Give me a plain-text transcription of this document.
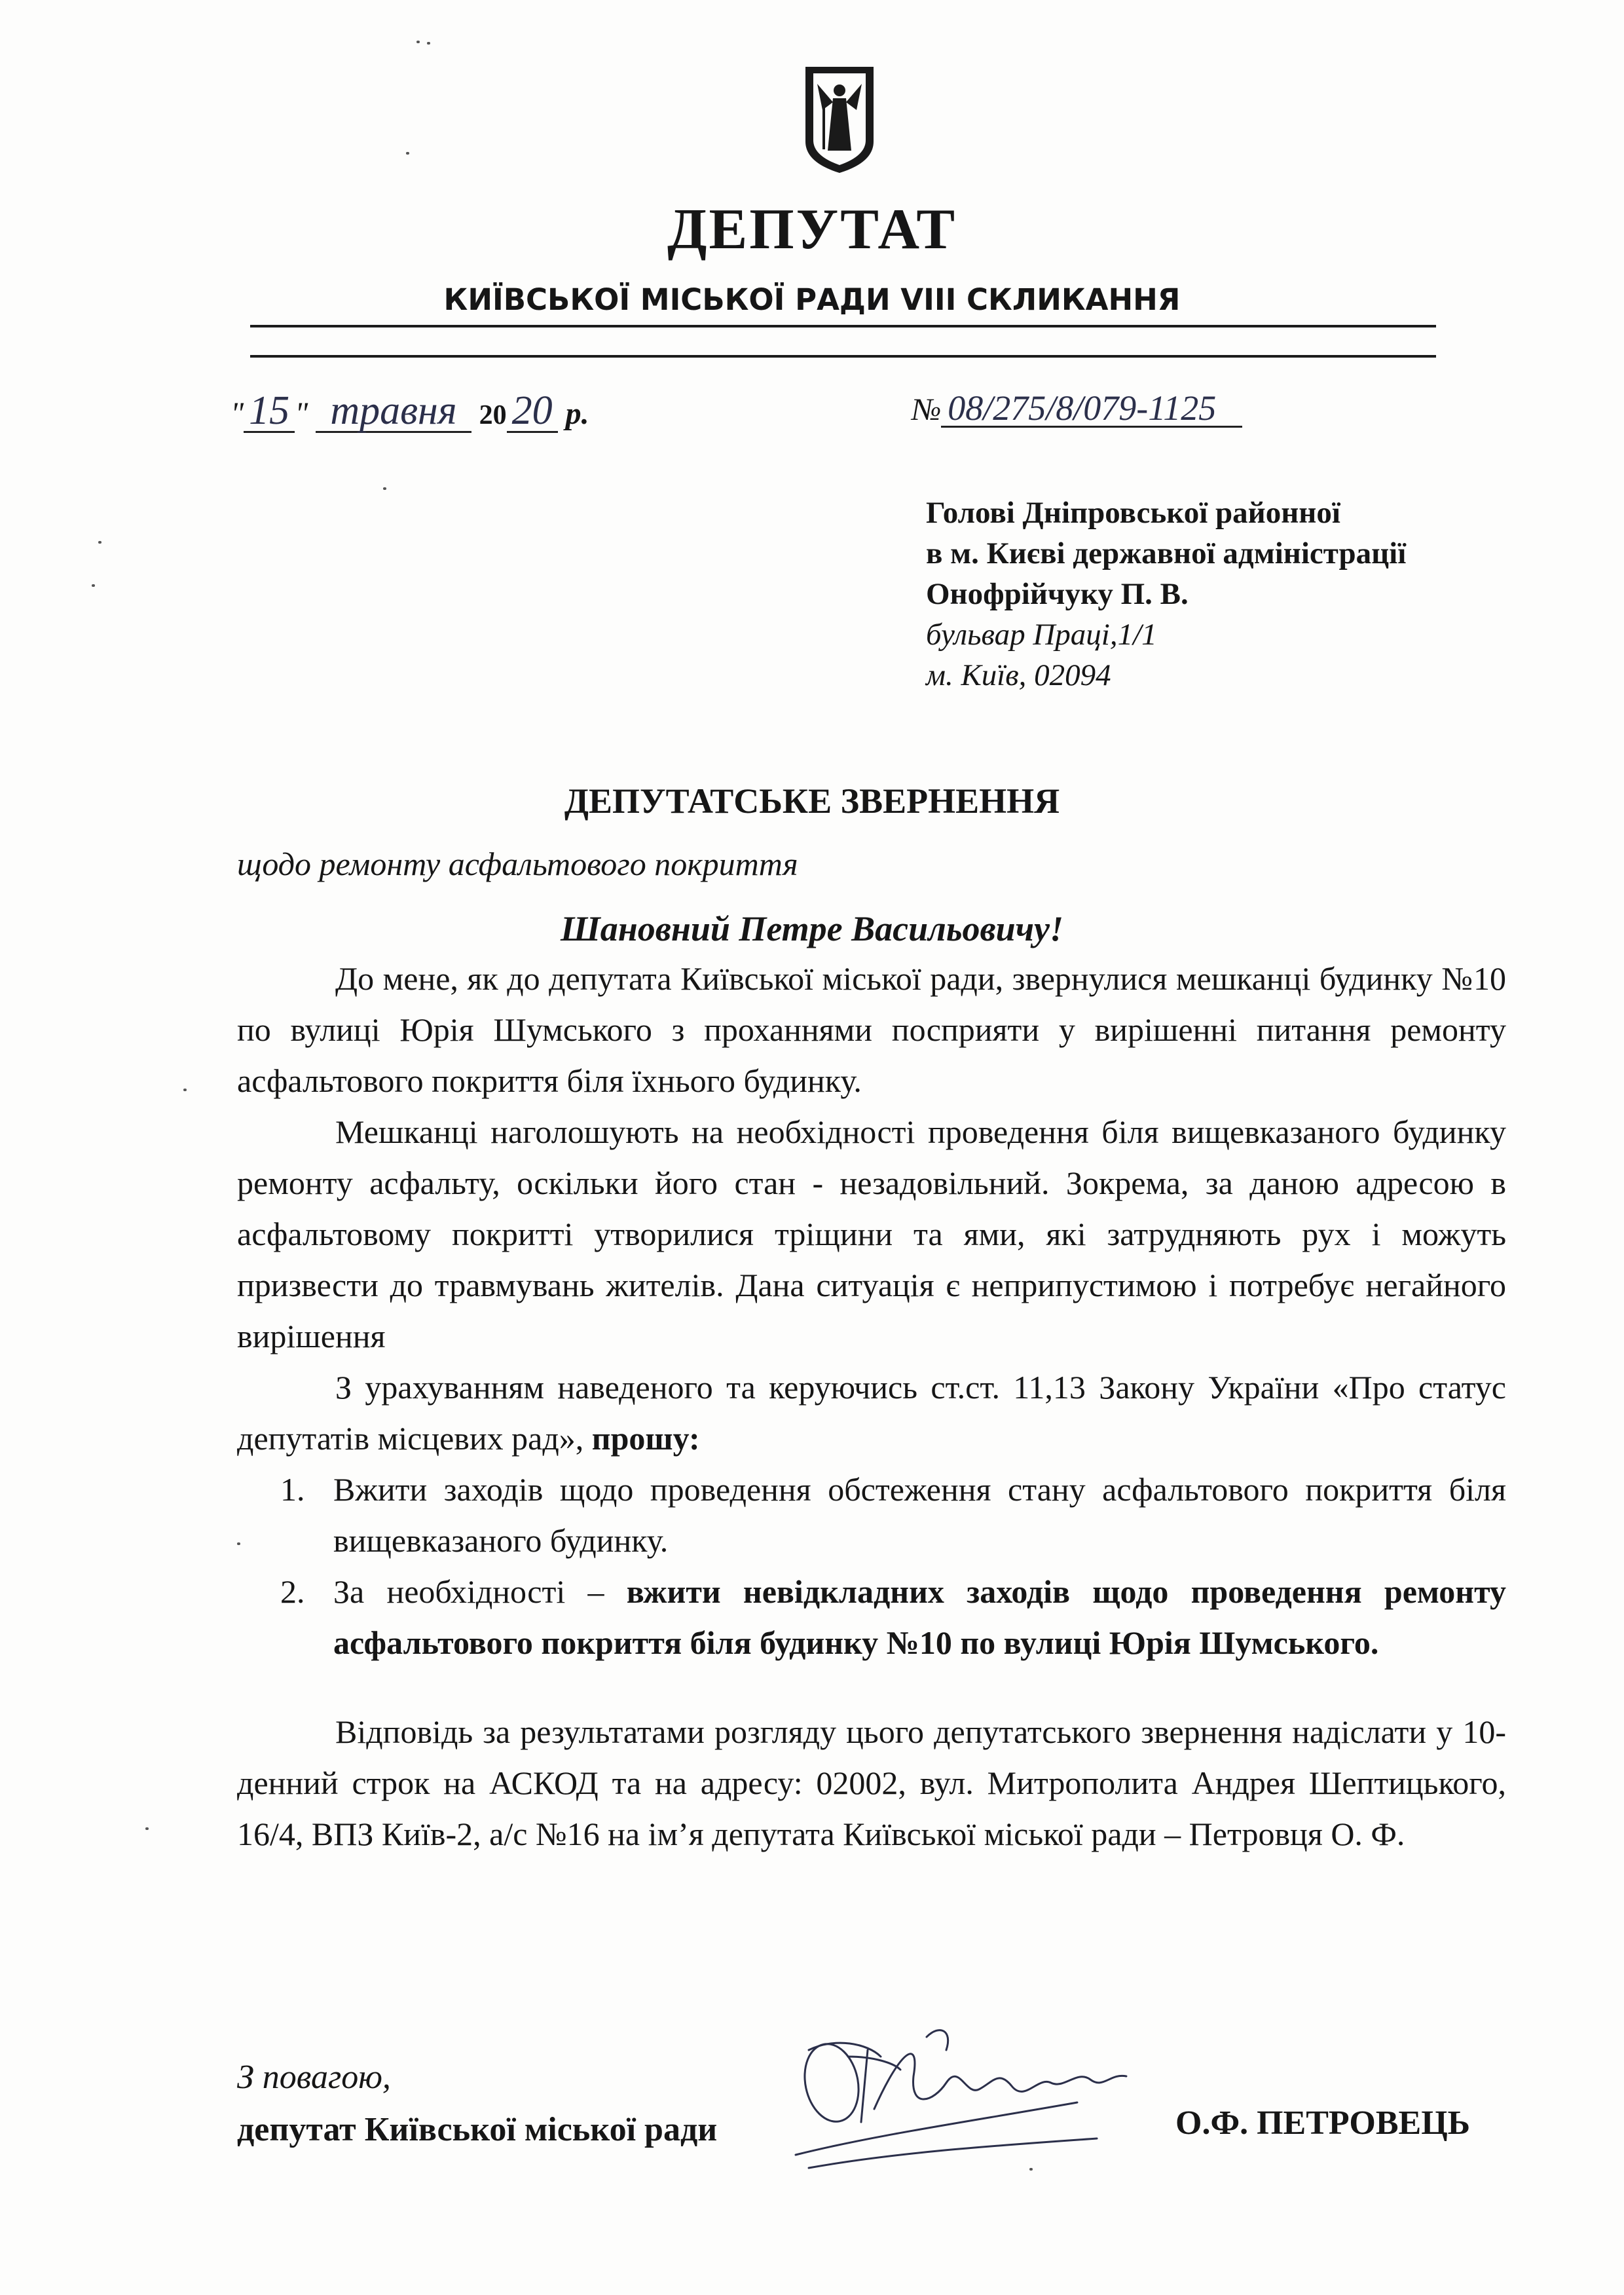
ДЕПУТАТ
КИЇВСЬКОЇ МІСЬКОЇ РАДИ VIII СКЛИКАННЯ
" 15 " травня 20 20 р.	№ 08/275/8/079-1125
Голові Дніпровської районної
в м. Києві державної адміністрації
Онофрійчуку П. В.
бульвар Праці,1/1
м. Київ, 02094
ДЕПУТАТСЬКЕ ЗВЕРНЕННЯ
щодо ремонту асфальтового покриття
Шановний Петре Васильовичу!

До мене, як до депутата Київської міської ради, звернулися мешканці будинку №10 по вулиці Юрія Шумського з проханнями посприяти у вирішенні питання ремонту асфальтового покриття біля їхнього будинку.

Мешканці наголошують на необхідності проведення біля вищевказаного будинку ремонту асфальту, оскільки його стан - незадовільний. Зокрема, за даною адресою в асфальтовому покритті утворилися тріщини та ями, які затрудняють рух і можуть призвести до травмувань жителів. Дана ситуація є неприпустимою і потребує негайного вирішення

З урахуванням наведеного та керуючись ст.ст. 11,13 Закону України «Про статус депутатів місцевих рад», прошу:

1. Вжити заходів щодо проведення обстеження стану асфальтового покриття біля вищевказаного будинку.
2. За необхідності – вжити невідкладних заходів щодо проведення ремонту асфальтового покриття біля будинку №10 по вулиці Юрія Шумського.

Відповідь за результатами розгляду цього депутатського звернення надіслати у 10-денний строк на АСКОД та на адресу: 02002, вул. Митрополита Андрея Шептицького, 16/4, ВПЗ Київ-2, а/с №16 на ім’я депутата Київської міської ради – Петровця О. Ф.

З повагою,
депутат Київської міської ради	О.Ф. ПЕТРОВЕЦЬ
